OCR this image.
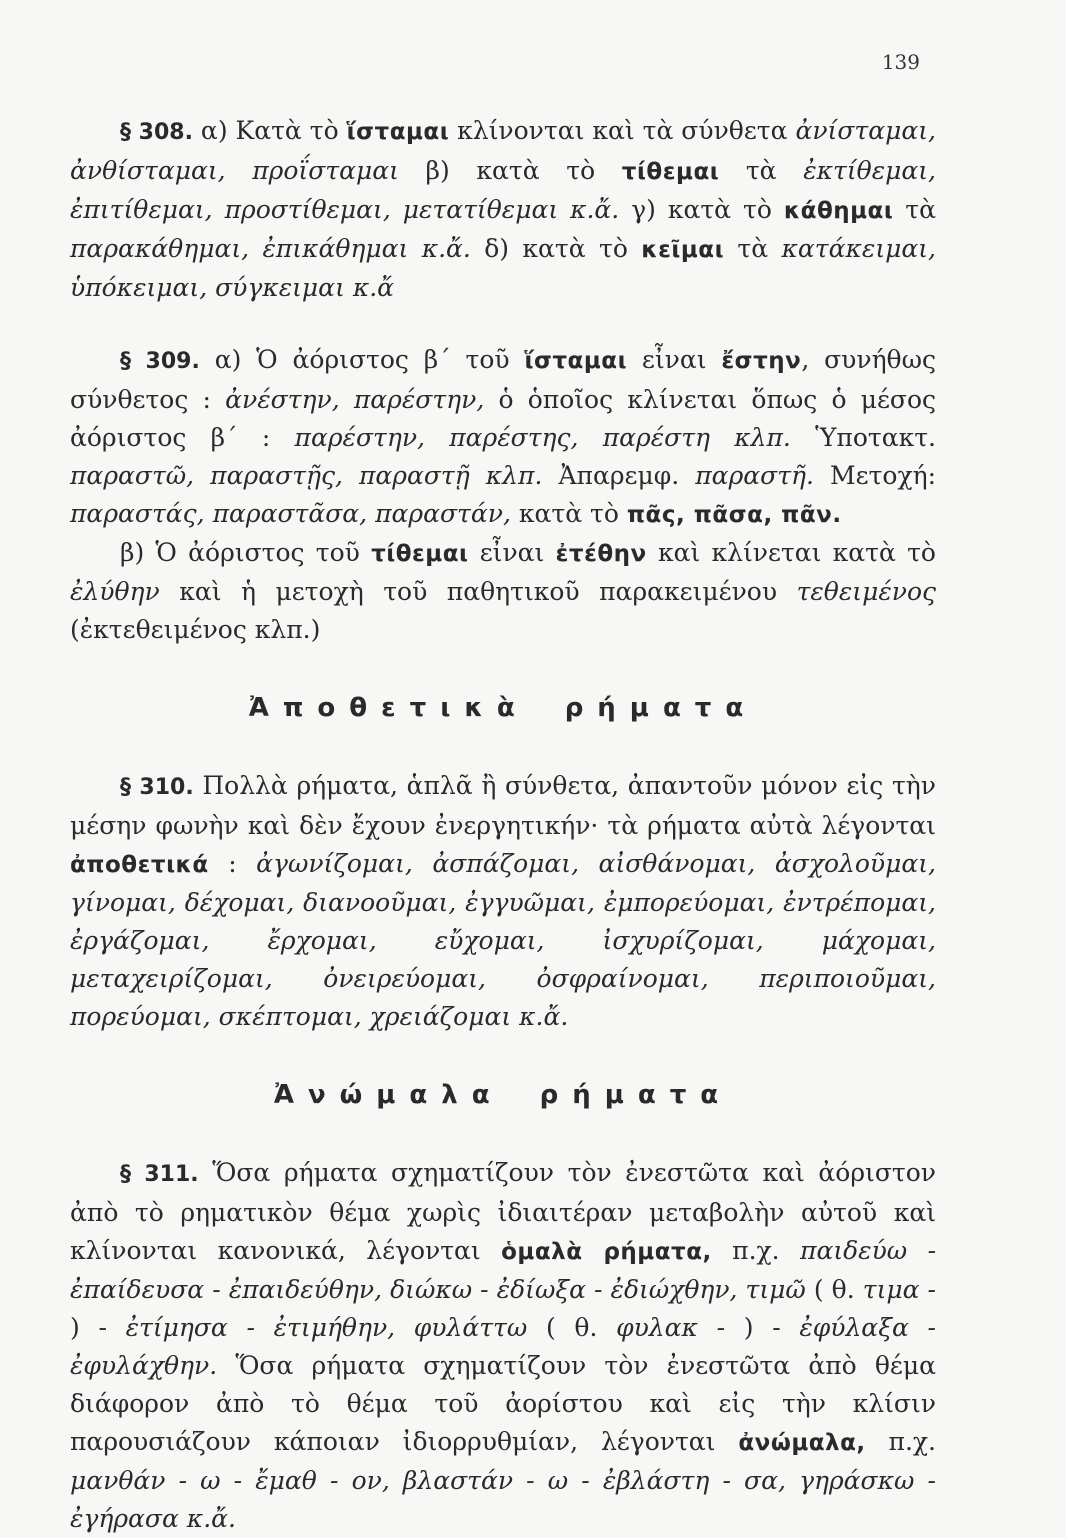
139

§ 308. α) Κατὰ τὸ ἵσταμαι κλίνονται καὶ τὰ σύνθετα ἀνίσταμαι, ἀνθίσταμαι, προΐσταμαι β) κατὰ τὸ τίθεμαι τὰ ἐκτίθεμαι, ἐπιτίθεμαι, προστίθεμαι, μετατίθεμαι κ.ἄ. γ) κατὰ τὸ κάθημαι τὰ παρακάθημαι, ἐπικάθημαι κ.ἄ. δ) κατὰ τὸ κεῖμαι τὰ κατάκειμαι, ὑπόκειμαι, σύγκειμαι κ.ἄ

§ 309. α) Ὁ ἀόριστος β΄ τοῦ ἵσταμαι εἶναι ἔστην, συνήθως σύνθετος : ἀνέστην, παρέστην, ὁ ὁποῖος κλίνεται ὅπως ὁ μέσος ἀόριστος β΄ : παρέστην, παρέστης, παρέστη κλπ. Ὑποτακτ. παραστῶ, παραστῇς, παραστῇ κλπ. Ἀπαρεμφ. παραστῆ. Μετοχή: παραστάς, παραστᾶσα, παραστάν, κατὰ τὸ πᾶς, πᾶσα, πᾶν.

β) Ὁ ἀόριστος τοῦ τίθεμαι εἶναι ἐτέθην καὶ κλίνεται κατὰ τὸ ἐλύθην καὶ ἡ μετοχὴ τοῦ παθητικοῦ παρακειμένου τεθειμένος (ἐκτεθειμένος κλπ.)

Ἀποθετικὰ ρήματα

§ 310. Πολλὰ ρήματα, ἁπλᾶ ἢ σύνθετα, ἀπαντοῦν μόνον εἰς τὴν μέσην φωνὴν καὶ δὲν ἔχουν ἐνεργητικήν· τὰ ρήματα αὐτὰ λέγονται ἀποθετικά : ἀγωνίζομαι, ἀσπάζομαι, αἰσθάνομαι, ἀσχολοῦμαι, γίνομαι, δέχομαι, διανοοῦμαι, ἐγγυῶμαι, ἐμπορεύομαι, ἐντρέπομαι, ἐργάζομαι, ἔρχομαι, εὔχομαι, ἰσχυρίζομαι, μάχομαι, μεταχειρίζομαι, ὀνειρεύομαι, ὀσφραίνομαι, περιποιοῦμαι, πορεύομαι, σκέπτομαι, χρειάζομαι κ.ἄ.

Ἀνώμαλα ρήματα

§ 311. Ὅσα ρήματα σχηματίζουν τὸν ἐνεστῶτα καὶ ἀόριστον ἀπὸ τὸ ρηματικὸν θέμα χωρὶς ἰδιαιτέραν μεταβολὴν αὐτοῦ καὶ κλίνονται κανονικά, λέγονται ὁμαλὰ ρήματα, π.χ. παιδεύω - ἐπαίδευσα - ἐπαιδεύθην, διώκω - ἐδίωξα - ἐδιώχθην, τιμῶ ( θ. τιμα - ) - ἐτίμησα - ἐτιμήθην, φυλάττω ( θ. φυλακ - ) - ἐφύλαξα - ἐφυλάχθην. Ὅσα ρήματα σχηματίζουν τὸν ἐνεστῶτα ἀπὸ θέμα διάφορον ἀπὸ τὸ θέμα τοῦ ἀορίστου καὶ εἰς τὴν κλίσιν παρουσιάζουν κάποιαν ἰδιορρυθμίαν, λέγονται ἀνώμαλα, π.χ. μανθάν - ω - ἔμαθ - ον, βλαστάν - ω - ἐβλάστη - σα, γηράσκω - ἐγήρασα κ.ἄ.
